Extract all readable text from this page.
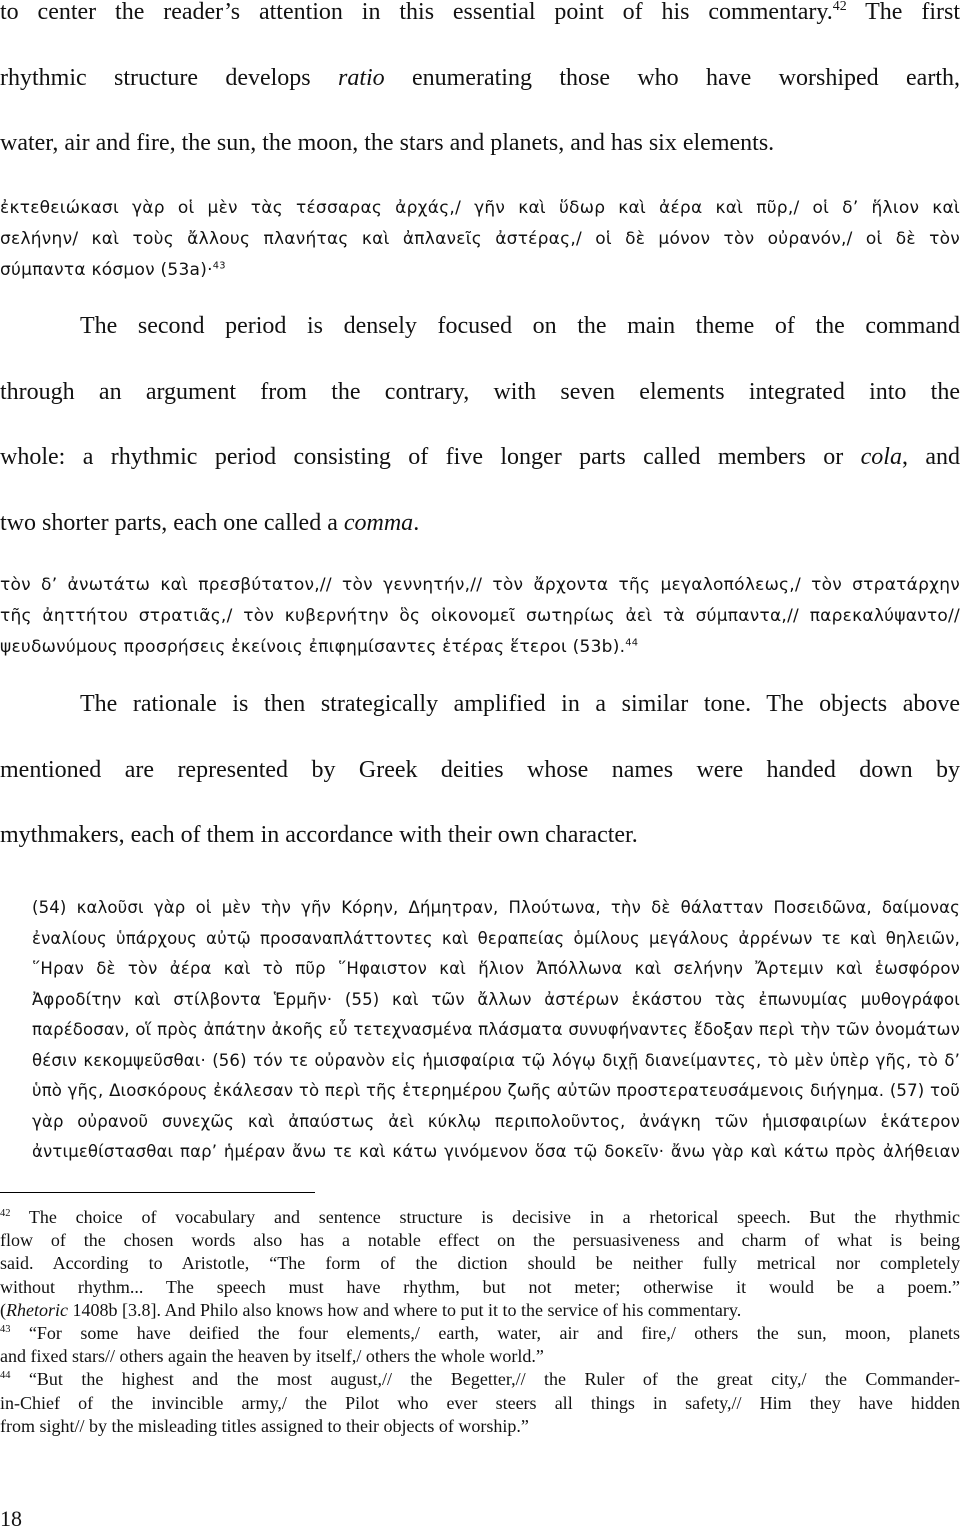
to center the reader’s attention in this essential point of his commentary.$^{42}$ The first
rhythmic structure develops ratio enumerating those who have worshiped earth,
water, air and fire, the sun, the moon, the stars and planets, and has six elements.
ἐκτεθειώκασι γὰρ οἱ μὲν τὰς τέσσαρας ἀρχάς,/ γῆν καὶ ὕδωρ καὶ ἀέρα καὶ πῦρ,/ οἱ δ’ ἥλιον καὶ
σελήνην/ καὶ τοὺς ἄλλους πλανήτας καὶ ἀπλανεῖς ἀστέρας,/ οἱ δὲ μόνον τὸν οὐρανόν,/ οἱ δὲ τὸν
σύμπαντα κόσμον (53a)·$^{43}$
The second period is densely focused on the main theme of the command
through an argument from the contrary, with seven elements integrated into the
whole: a rhythmic period consisting of five longer parts called members or cola, and
two shorter parts, each one called a comma.
τὸν δ’ ἀνωτάτω καὶ πρεσβύτατον,// τὸν γεννητήν,// τὸν ἄρχοντα τῆς μεγαλοπόλεως,/ τὸν στρατάρχην
τῆς ἀηττήτου στρατιᾶς,/ τὸν κυβερνήτην ὃς οἰκονομεῖ σωτηρίως ἀεὶ τὰ σύμπαντα,// παρεκαλύψαντο//
ψευδωνύμους προσρήσεις ἐκείνοις ἐπιφημίσαντες ἑτέρας ἕτεροι (53b).$^{44}$
The rationale is then strategically amplified in a similar tone. The objects above
mentioned are represented by Greek deities whose names were handed down by
mythmakers, each of them in accordance with their own character.
(54) καλοῦσι γὰρ οἱ μὲν τὴν γῆν Κόρην, Δήμητραν, Πλούτωνα, τὴν δὲ θάλατταν Ποσειδῶνα, δαίμονας
ἐναλίους ὑπάρχους αὐτῷ προσαναπλάττοντες καὶ θεραπείας ὁμίλους μεγάλους ἀρρένων τε καὶ θηλειῶν,
῞Ηραν δὲ τὸν ἀέρα καὶ τὸ πῦρ ῞Ηφαιστον καὶ ἥλιον Ἀπόλλωνα καὶ σελήνην Ἄρτεμιν καὶ ἑωσφόρον
Ἀφροδίτην καὶ στίλβοντα Ἑρμῆν· (55) καὶ τῶν ἄλλων ἀστέρων ἑκάστου τὰς ἐπωνυμίας μυθογράφοι
παρέδοσαν, οἵ πρὸς ἀπάτην ἀκοῆς εὖ τετεχνασμένα πλάσματα συνυφήναντες ἔδοξαν περὶ τὴν τῶν ὀνομάτων
θέσιν κεκομψεῦσθαι· (56) τόν τε οὐρανὸν εἰς ἡμισφαίρια τῷ λόγῳ διχῇ διανείμαντες, τὸ μὲν ὑπὲρ γῆς, τὸ δ’
ὑπὸ γῆς, Διοσκόρους ἐκάλεσαν τὸ περὶ τῆς ἑτερημέρου ζωῆς αὐτῶν προστερατευσάμενοις διήγημα. (57) τοῦ
γὰρ οὐρανοῦ συνεχῶς καὶ ἀπαύστως ἀεὶ κύκλῳ περιπολοῦντος, ἀνάγκη τῶν ἡμισφαιρίων ἑκάτερον
ἀντιμεθίστασθαι παρ’ ἡμέραν ἄνω τε καὶ κάτω γινόμενον ὅσα τῷ δοκεῖν· ἄνω γὰρ καὶ κάτω πρὸς ἀλήθειαν
$^{42}$ The choice of vocabulary and sentence structure is decisive in a rhetorical speech. But the rhythmic
flow of the chosen words also has a notable effect on the persuasiveness and charm of what is being
said. According to Aristotle, “The form of the diction should be neither fully metrical nor completely
without rhythm... The speech must have rhythm, but not meter; otherwise it would be a poem.”
(Rhetoric 1408b [3.8]. And Philo also knows how and where to put it to the service of his commentary.
$^{43}$ “For some have deified the four elements,/ earth, water, air and fire,/ others the sun, moon, planets
and fixed stars// others again the heaven by itself,/ others the whole world.”
$^{44}$ “But the highest and the most august,// the Begetter,// the Ruler of the great city,/ the Commander-
in-Chief of the invincible army,/ the Pilot who ever steers all things in safety,// Him they have hidden
from sight// by the misleading titles assigned to their objects of worship.”
18
